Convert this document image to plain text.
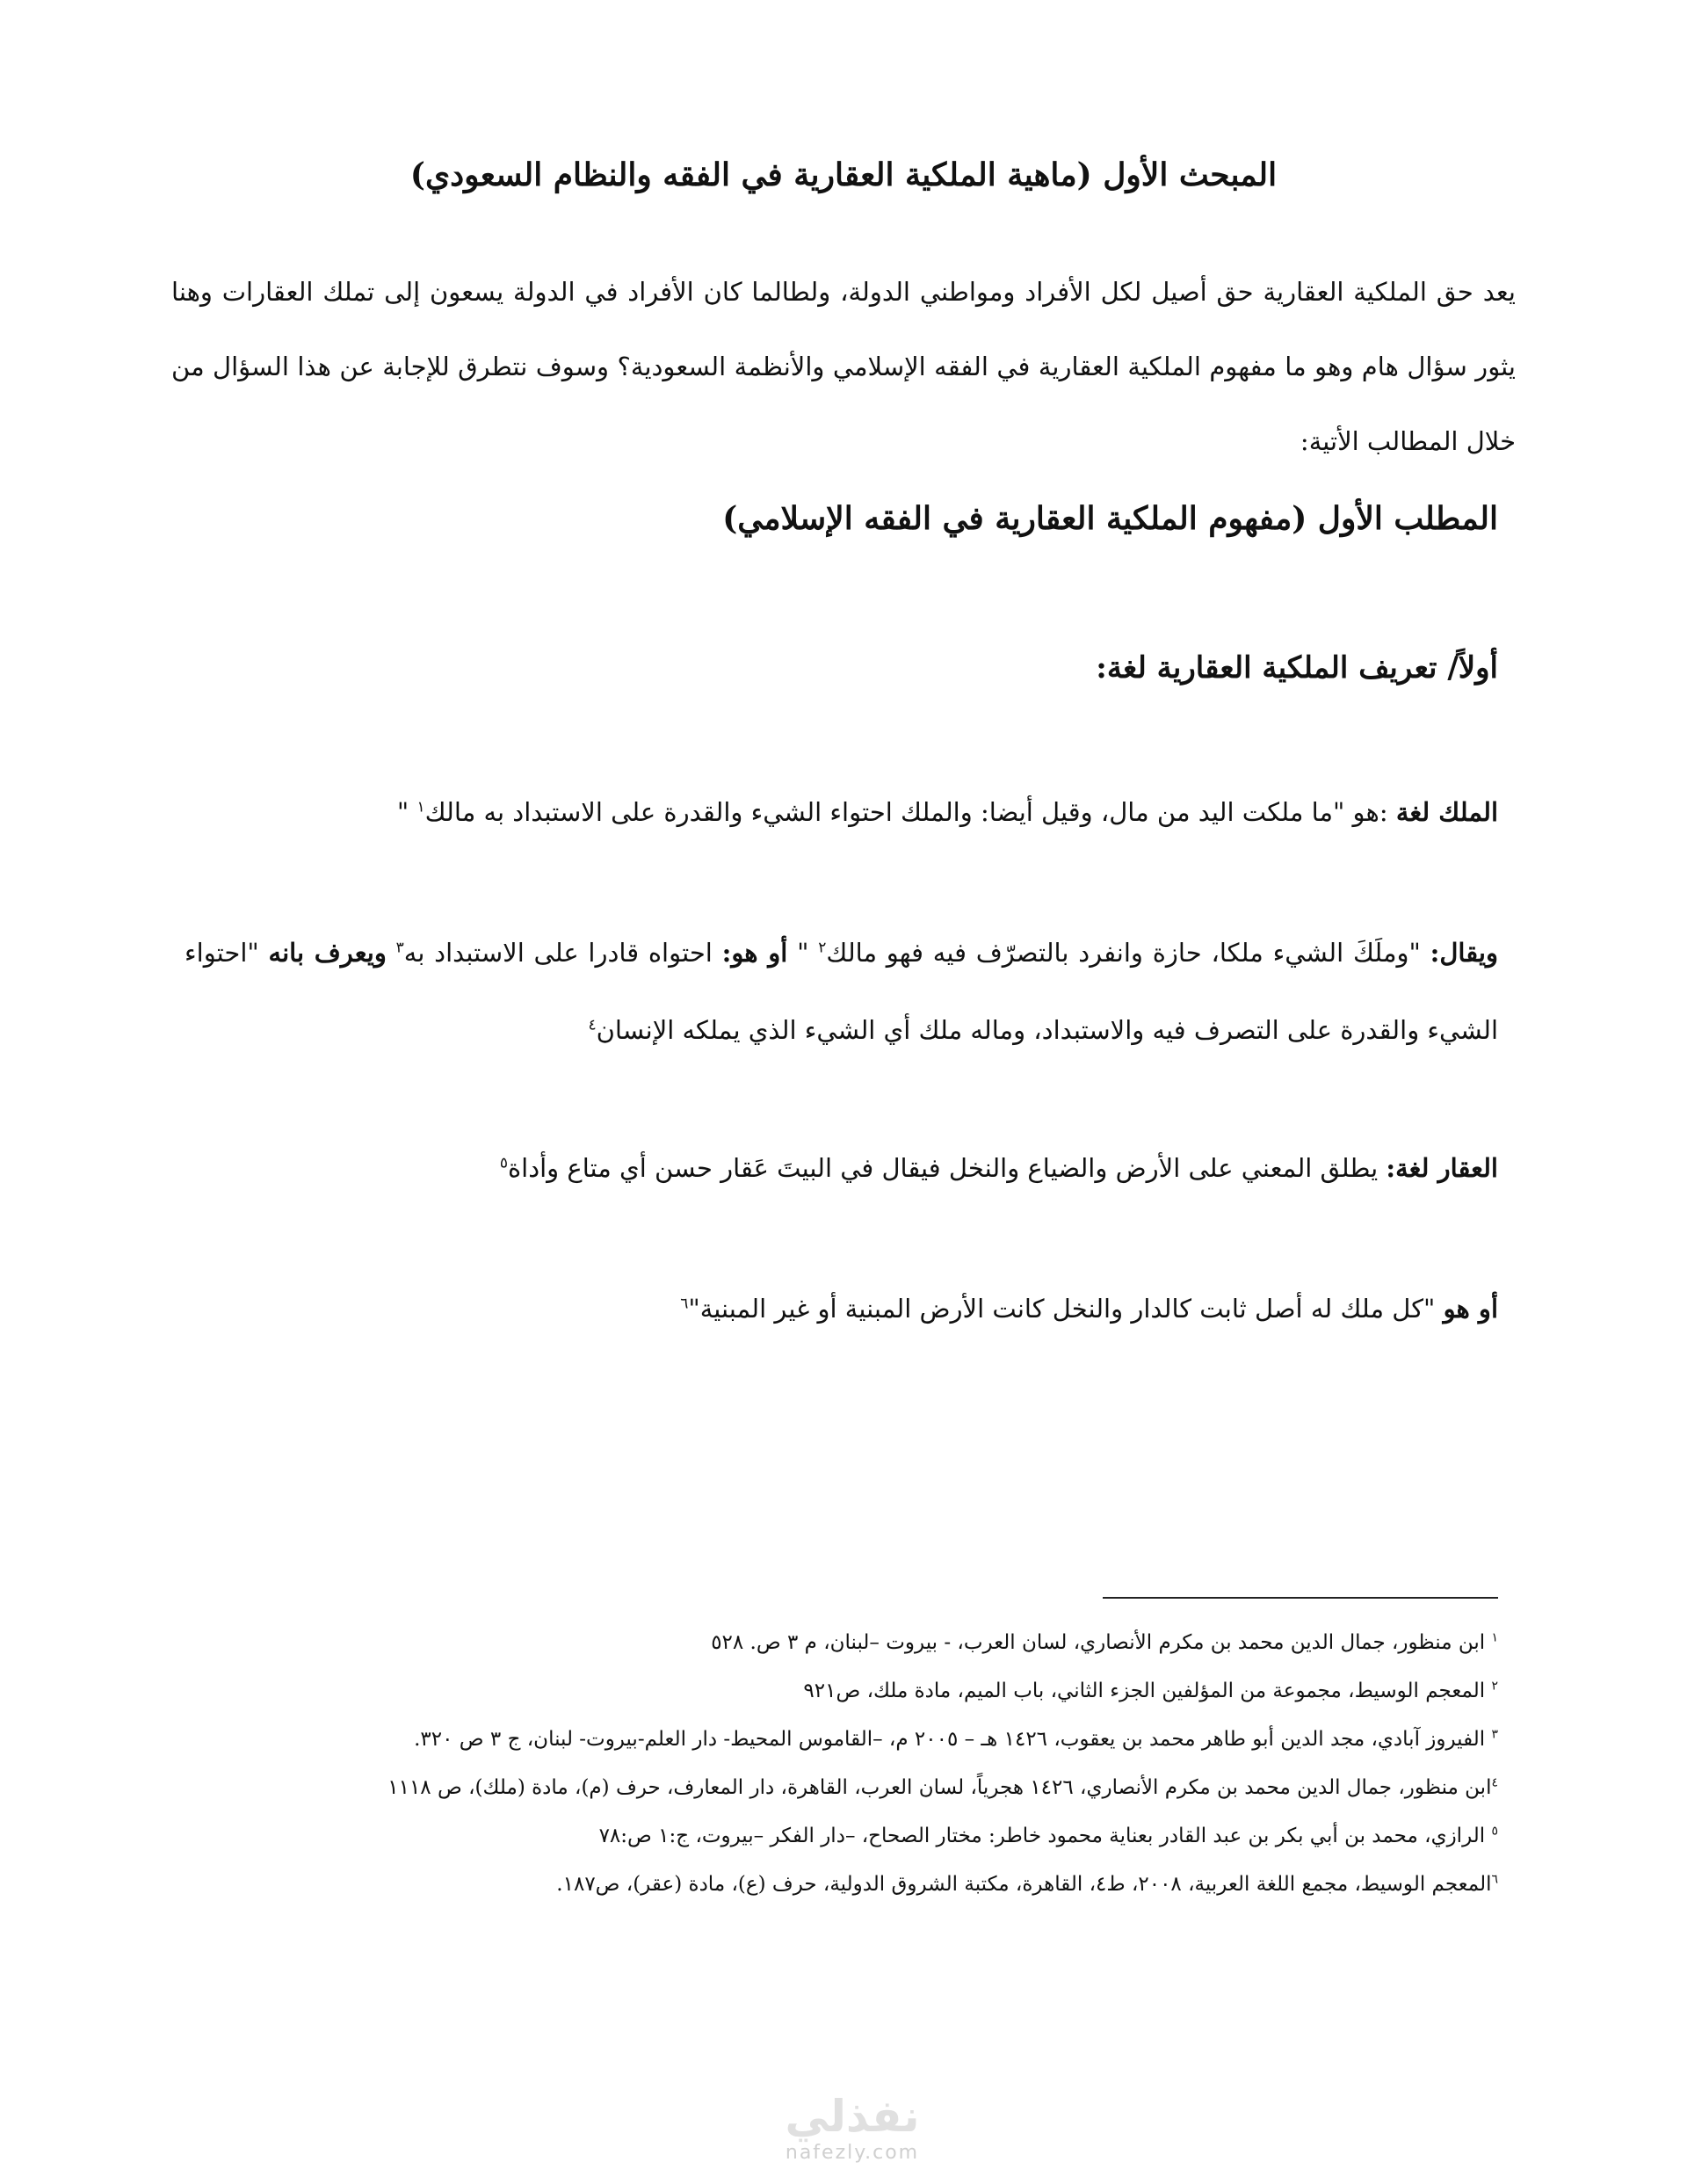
المبحث الأول (ماهية الملكية العقارية في الفقه والنظام السعودي)

يعد حق الملكية العقارية حق أصيل لكل الأفراد ومواطني الدولة، ولطالما كان الأفراد في الدولة يسعون إلى تملك العقارات وهنا يثور سؤال هام وهو ما مفهوم الملكية العقارية في الفقه الإسلامي والأنظمة السعودية؟ وسوف نتطرق للإجابة عن هذا السؤال من خلال المطالب الأتية:

المطلب الأول (مفهوم الملكية العقارية في الفقه الإسلامي)
أولاً/ تعريف الملكية العقارية لغة:

الملك لغة :هو "ما ملكت اليد من مال، وقيل أيضا: والملك احتواء الشيء والقدرة على الاستبداد به مالك$^١$ "

ويقال: "وملَكَ الشيء ملكا، حازة وانفرد بالتصرّف فيه فهو مالك$^٢$ " أو هو: احتواه قادرا على الاستبداد به$^٣$ ويعرف بانه "احتواء الشيء والقدرة على التصرف فيه والاستبداد، وماله ملك أي الشيء الذي يملكه الإنسان$^٤$

العقار لغة: يطلق المعني على الأرض والضياع والنخل فيقال في البيتَ عَقار حسن أي متاع وأداة$^٥$

أو هو "كل ملك له أصل ثابت كالدار والنخل كانت الأرض المبنية أو غير المبنية"$^٦$

$^١$ ابن منظور، جمال الدين محمد بن مكرم الأنصاري، لسان العرب، - بيروت –لبنان، م ٣ ص. ٥٢٨

$^٢$ المعجم الوسيط، مجموعة من المؤلفين الجزء الثاني، باب الميم، مادة ملك، ص٩٢١

$^٣$ الفيروز آبادي، مجد الدين أبو طاهر محمد بن يعقوب، ١٤٢٦ هـ – ٢٠٠٥ م، –القاموس المحيط- دار العلم-بيروت- لبنان، ج ٣ ص ٣٢٠.

$^٤$ابن منظور، جمال الدين محمد بن مكرم الأنصاري، ١٤٢٦ هجرياً، لسان العرب، القاهرة، دار المعارف، حرف (م)، مادة (ملك)، ص ١١١٨

$^٥$ الرازي، محمد بن أبي بكر بن عبد القادر بعناية محمود خاطر: مختار الصحاح، –دار الفكر –بيروت، ج:١ ص:٧٨

$^٦$المعجم الوسيط، مجمع اللغة العربية، ٢٠٠٨، ط٤، القاهرة، مكتبة الشروق الدولية، حرف (ع)، مادة (عقر)، ص١٨٧.

نفذلي
nafezly.com
